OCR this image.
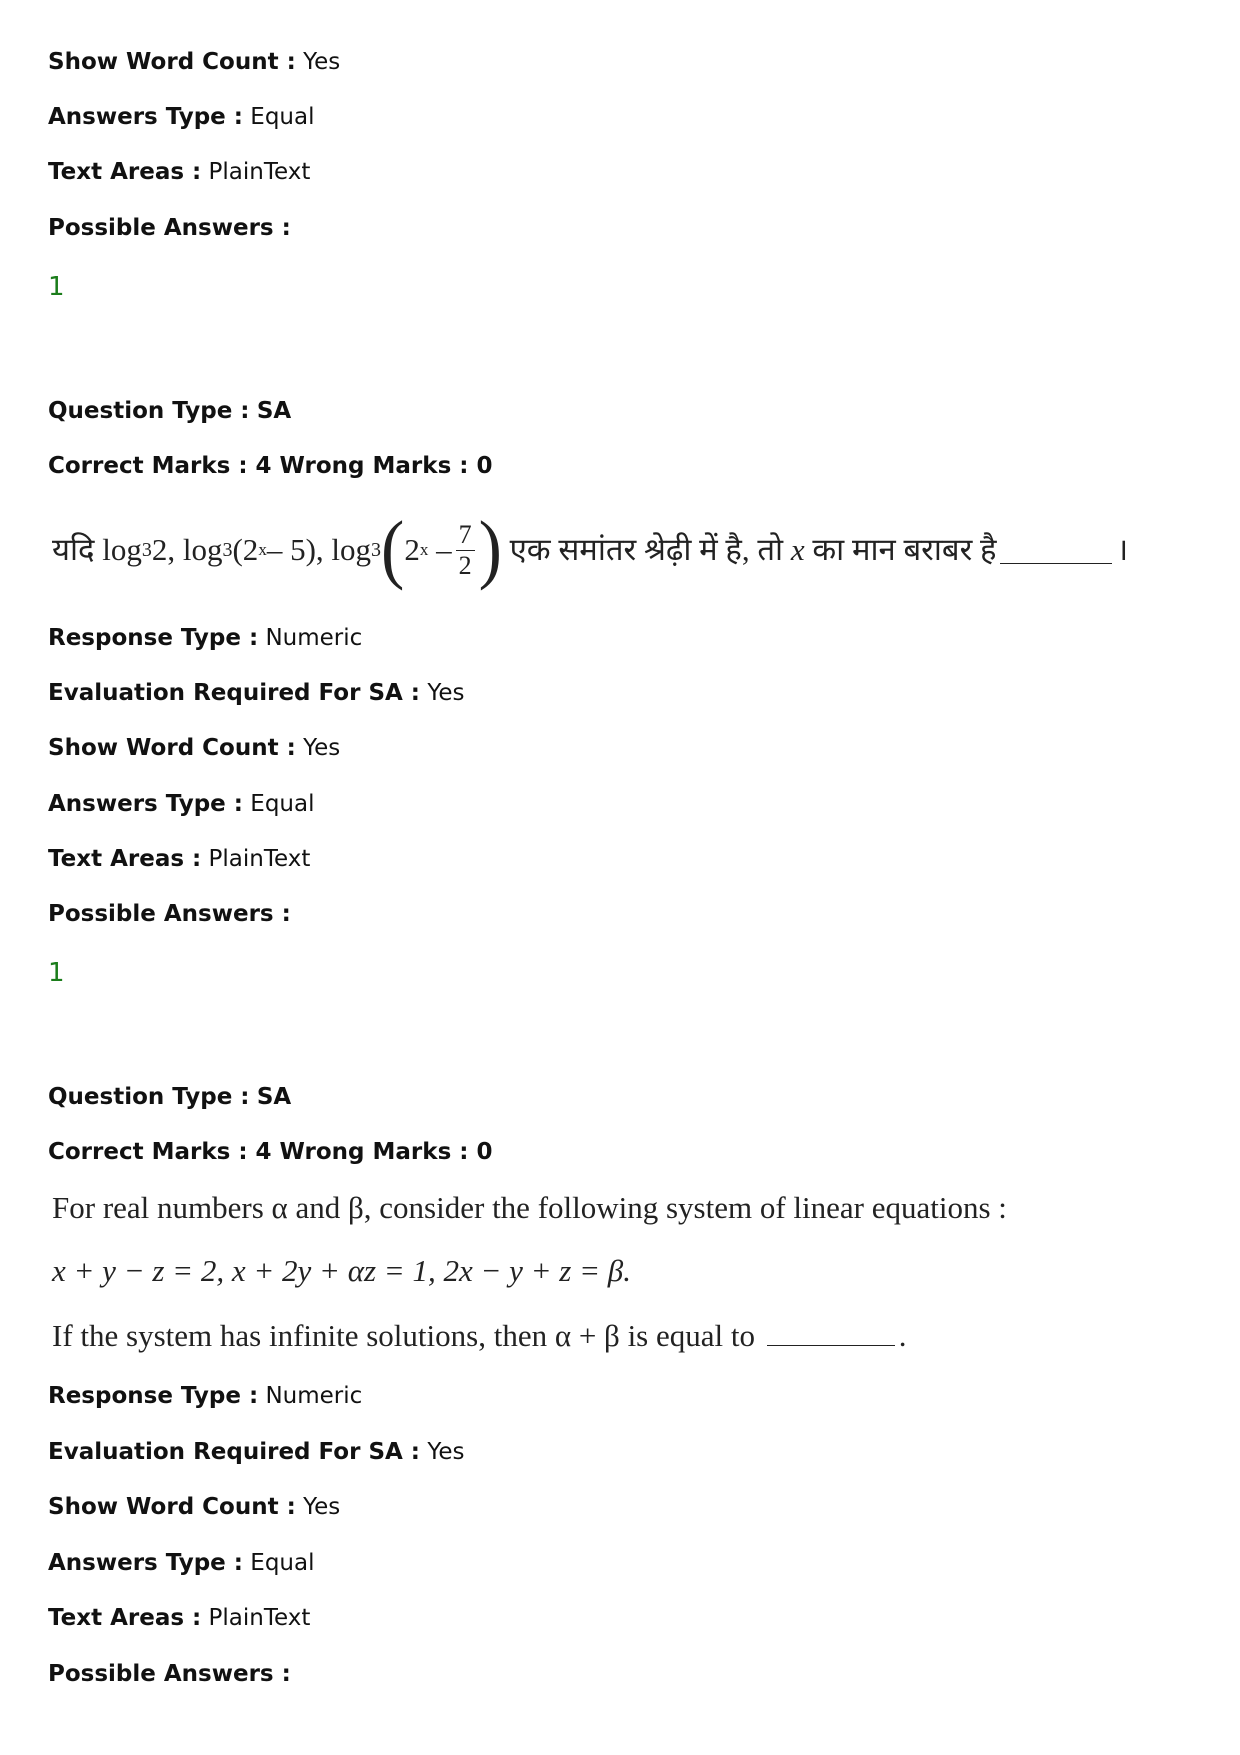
Show Word Count : Yes
Answers Type : Equal
Text Areas : PlainText
Possible Answers :
1
Question Type : SA
Correct Marks : 4 Wrong Marks : 0
यदि
log 3 2,
log 3 (2 x – 5),
log 3 ( 2 x
– $\frac{7}{2}$ )
एक समांतर श्रेढ़ी में है, तो
x
का मान बराबर है	।
Response Type : Numeric
Evaluation Required For SA : Yes
Show Word Count : Yes
Answers Type : Equal
Text Areas : PlainText
Possible Answers :
1
Question Type : SA
Correct Marks : 4 Wrong Marks : 0
For real numbers α and β, consider the following system of linear equations :
x + y − z = 2, x + 2y + αz = 1, 2x − y + z = β.
If the system has infinite solutions, then α + β is equal to	.
Response Type : Numeric
Evaluation Required For SA : Yes
Show Word Count : Yes
Answers Type : Equal
Text Areas : PlainText
Possible Answers :
